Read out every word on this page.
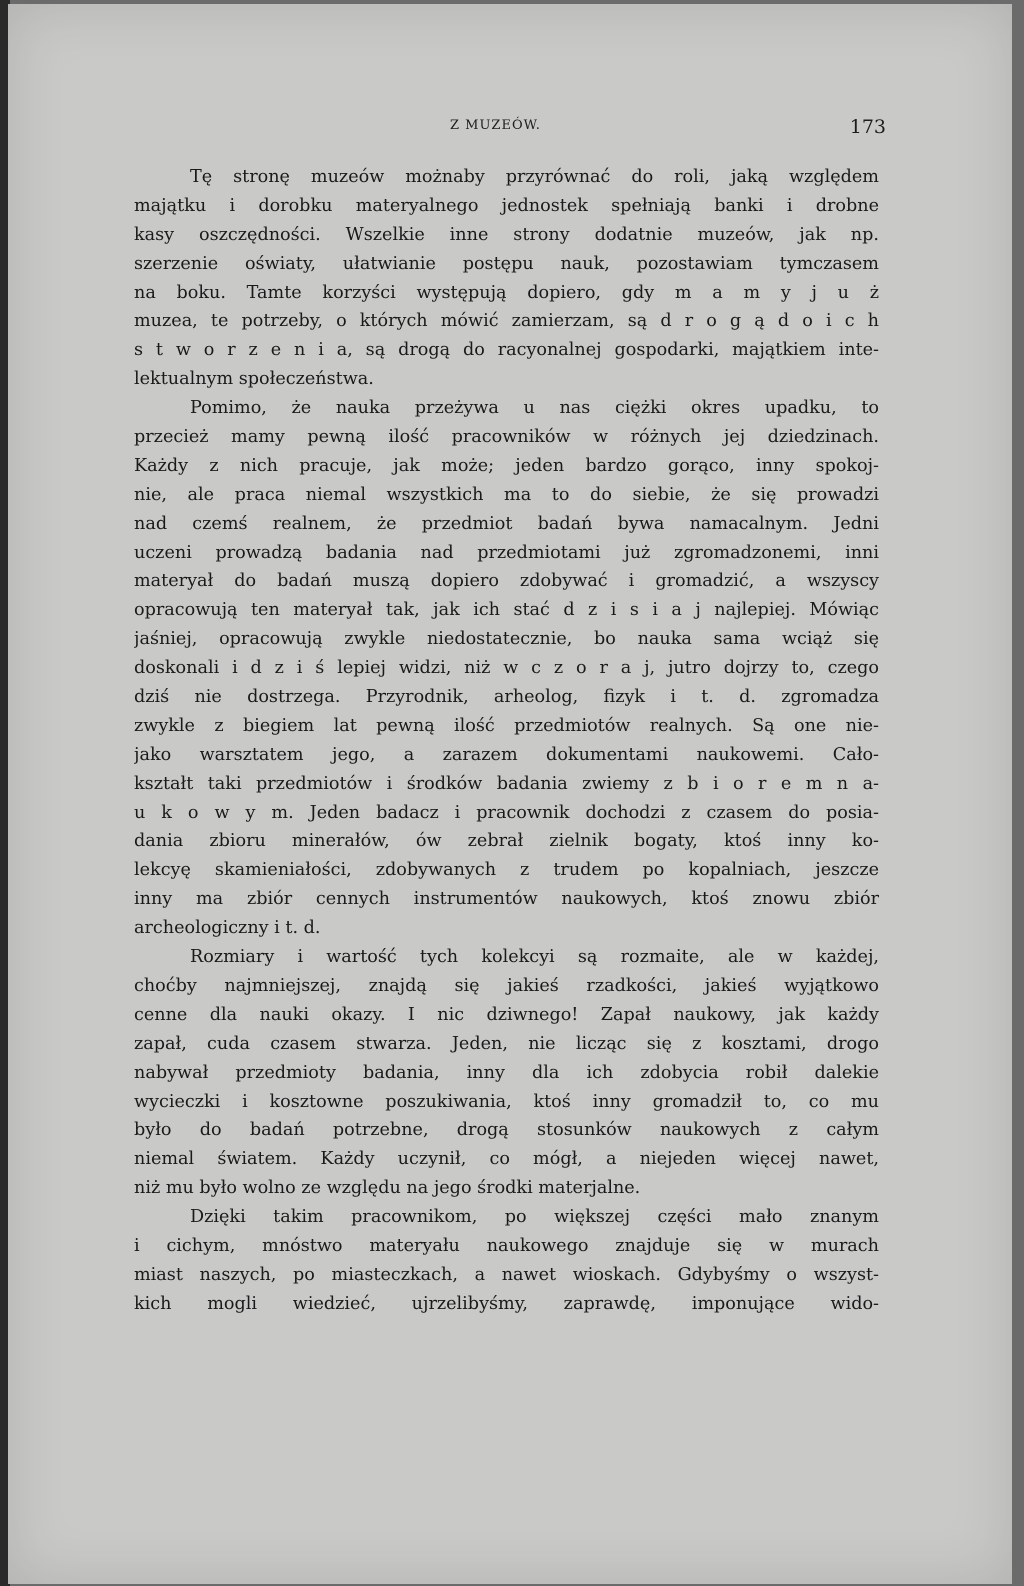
Z MUZEÓW.	173
Tę stronę muzeów możnaby przyrównać do roli, jaką względem
majątku i dorobku materyalnego jednostek spełniają banki i drobne
kasy oszczędności. Wszelkie inne strony dodatnie muzeów, jak np.
szerzenie oświaty, ułatwianie postępu nauk, pozostawiam tymczasem
na boku. Tamte korzyści występują dopiero, gdy m a m y j u ż
muzea, te potrzeby, o których mówić zamierzam, są d r o g ą d o i c h
s t w o r z e n i a, są drogą do racyonalnej gospodarki, majątkiem inte-
lektualnym społeczeństwa.
Pomimo, że nauka przeżywa u nas ciężki okres upadku, to
przecież mamy pewną ilość pracowników w różnych jej dziedzinach.
Każdy z nich pracuje, jak może; jeden bardzo gorąco, inny spokoj-
nie, ale praca niemal wszystkich ma to do siebie, że się prowadzi
nad czemś realnem, że przedmiot badań bywa namacalnym. Jedni
uczeni prowadzą badania nad przedmiotami już zgromadzonemi, inni
materyał do badań muszą dopiero zdobywać i gromadzić, a wszyscy
opracowują ten materyał tak, jak ich stać d z i s i a j najlepiej. Mówiąc
jaśniej, opracowują zwykle niedostatecznie, bo nauka sama wciąż się
doskonali i d z i ś lepiej widzi, niż w c z o r a j, jutro dojrzy to, czego
dziś nie dostrzega. Przyrodnik, arheolog, fizyk i t. d. zgromadza
zwykle z biegiem lat pewną ilość przedmiotów realnych. Są one nie-
jako warsztatem jego, a zarazem dokumentami naukowemi. Cało-
kształt taki przedmiotów i środków badania zwiemy z b i o r e m n a-
u k o w y m. Jeden badacz i pracownik dochodzi z czasem do posia-
dania zbioru minerałów, ów zebrał zielnik bogaty, ktoś inny ko-
lekcyę skamieniałości, zdobywanych z trudem po kopalniach, jeszcze
inny ma zbiór cennych instrumentów naukowych, ktoś znowu zbiór
archeologiczny i t. d.
Rozmiary i wartość tych kolekcyi są rozmaite, ale w każdej,
choćby najmniejszej, znajdą się jakieś rzadkości, jakieś wyjątkowo
cenne dla nauki okazy. I nic dziwnego! Zapał naukowy, jak każdy
zapał, cuda czasem stwarza. Jeden, nie licząc się z kosztami, drogo
nabywał przedmioty badania, inny dla ich zdobycia robił dalekie
wycieczki i kosztowne poszukiwania, ktoś inny gromadził to, co mu
było do badań potrzebne, drogą stosunków naukowych z całym
niemal światem. Każdy uczynił, co mógł, a niejeden więcej nawet,
niż mu było wolno ze względu na jego środki materjalne.
Dzięki takim pracownikom, po większej części mało znanym
i cichym, mnóstwo materyału naukowego znajduje się w murach
miast naszych, po miasteczkach, a nawet wioskach. Gdybyśmy o wszyst-
kich mogli wiedzieć, ujrzelibyśmy, zaprawdę, imponujące wido-
